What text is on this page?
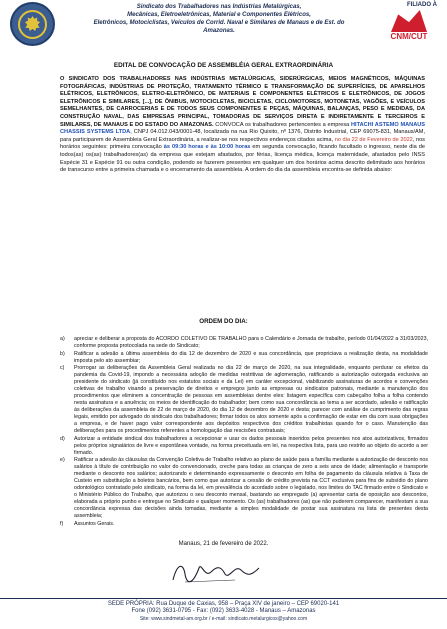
Sindicato dos Trabalhadores nas Indústrias Metalúrgicas,
Mecânicas, Eletroeletrônicas, Material e Componentes Elétricos,
Eletrônicos, Motociclistas, Veículos de Corrid. Naval e Similares de Manaus e de Est. do
Amazonas.
FILIADO À
CNM/CUT
EDITAL DE CONVOCAÇÃO DE ASSEMBLÉIA GERAL EXTRAORDINÁRIA
O SINDICATO DOS TRABALHADORES NAS INDÚSTRIAS METALÚRGICAS, SIDERÚRGICAS, MEIOS MAGNÉTICOS, MÁQUINAS FOTOGRÁFICAS, INDÚSTRIAS DE PROTEÇÃO, TRATAMENTO TÉRMICO E TRANSFORMAÇÃO DE SUPERFÍCIES, DE APARELHOS ELÉTRICOS, ELETRÔNICOS, ELETRO-ELETRÔNICO, DE MATERIAIS E COMPONENTES ELÉTRICOS E ELETRÔNICOS, DE JOGOS ELETRÔNICOS E SIMILARES, [...], DE ÔNIBUS, MOTOCICLETAS, BICICLETAS, CICLOMOTORES, MOTONETAS, VAGÕES, E VEÍCULOS SEMELHANTES, DE CARROCERIAS E DE TODOS SEUS COMPONENTES E PEÇAS, MÁQUINAS, BALANÇAS, PESO E MEDIDAS, DA CONSTRUÇÃO NAVAL, DAS EMPRESAS PRINCIPAL, TOMADORAS DE SERVIÇOS DIRETA E INDIRETAMENTE E TERCEIROS E SIMILARES, DE MANAUS E DO ESTADO DO AMAZONAS. CONVOCA os trabalhadores pertencentes a empresa HITACHI ASTEMO MANAUS CHASSIS SYSTEMS LTDA, CNPJ 04.012.043/0001-48, localizada na rua Rio Quixito, nº 1376, Distrito Industrial, CEP 69075-831, Manaus/AM, para participarem de Assembleia Geral Extraordinária, a realizar-se nos respectivos endereços citados acima, no dia 22 de Fevereiro de 2022, nos horários seguintes: primeira convocação às 09:30 horas e às 10:00 horas em segunda convocação, ficando facultado o ingresso, neste dia de todos(as) os(as) trabalhadores(as) da empresa que estejam afastados, por férias, licença médica, licença maternidade, afastados pelo INSS Espécie 31 e Espécie 91 ou outra condição, podendo se fazerem presentes em qualquer um dos horários acima descrito delimitado aos horários de transcurso entre a primeira chamada e o encerramento da assembleia. A ordem do dia da assembleia encontra-se definida abaixo:
ORDEM DO DIA:
a) apreciar e deliberar a proposta do ACORDO COLETIVO DE TRABALHO para o Calendário e Jornada de trabalho, período 01/04/2022 a 31/03/2023, conforme proposta protocolada na sede do Sindicato;
b) Ratificar a adesão a última assembleia do dia 12 de dezembro de 2020 e sua concordância, que propriciava a realização desta, na modalidade imposta pelo ato assembiar;
c) Prorrogar as deliberações da Assembleia Geral realizada no dia 22 de março de 2020, na sua integralidade, enquanto perdurar os efeitos da pandemia da Covid-19, impondo a necessária adoção de medidas restritivas de aglomeração, ratificando a autorização outorgada exclusiva ao presidente do sindicato (já constituído nos estatutos sociais e da Lei) em caráter excepcional, viabilizando assinaturas de acordos e convenções coletivas de trabalho visando a preservação de direitos e empregos junto as empresas ou sindicatos patronais, mediante a manutenção dos procedimentos que eliminem a concentração de pessoas em assembleias dentre eles: listagem específica com cabeçalho folha a folha contendo nesta assinatura e a anuência; os meios de identificação do trabalhador; bem como sua concordância ao tema a ser acordado, adesão e ratificação às deliberações da assembleia de 22 de março de 2020, do dia 12 de dezembro de 2020 e desta; parecer com análise de cumprimento das regras legais, emitido por advogado do sindicato dos trabalhadores; firmar todos os atos somente após a confirmação de estar em dia com suas obrigações a empresa, e de haver pago valor correspondente aos depósitos respectivos dos créditos trabalhistas quando for o caso. Manutenção das deliberações para os procedimentos referentes a homologação das rescisões contratuais;
d) Autorizar a entidade sindical dos trabalhadores a recepcionar e usar os dados pessoais inseridos pelos presentes nos atos autorizativos, firmados pelos próprios signatários de livre e espontânea vontade, na forma preceituada em lei, na respectiva lista, para uso restrito ao objeto do acordo a ser firmado.
e) Ratificar a adesão às cláusulas da Convenção Coletiva de Trabalho relativo ao plano de saúde para a família mediante a autorização de desconto nos salários à título de contribuição no valor do convencionado, creche para todas as crianças de zero a seis anos de idade; alimentação e transporte mediante o desconto nos salários; autorizando e determinando expressamente o desconto em folha de pagamento da cláusula relativa à Taxa de Custeio em substituição a boletos bancários, bem como que autorizar a cessão de crédito prevista na CCT exclusiva para fins de subsídio do plano odontológico contratado pelo sindicato, na forma da lei, em prevalência do acordado sobre o legislado, nos limites do TAC firmado entre o Sindicato e o Ministério Público do Trabalho, que autorizou o seu desconto mensal, bastando ao empregado (a) apresentar carta de oposição aos descontos, elaborada a próprio punho e entregue no Sindicato e qualquer momento. Os (as) trabalhadores (as) que não puderem comparecer, manifestam a sua concordância expressa das decisões ainda tomadas, mediante a simples modalidade de postar sua assinatura na lista de presentes desta assembleia;
f) Assuntos Gerais.
Manaus, 21 de fevereiro de 2022.
SEDE PRÓPRIA: Rua Duque de Caxias, 958 – Praça XIV de janeiro – CEP 69020-141
Fone (092) 3631-0795 - Fax: (092) 3633-4028 - Manaus – Amazonas
Site: www.sindmetal-am.org.br / e-mail: sindicato.metalurgicos@yahoo.com
